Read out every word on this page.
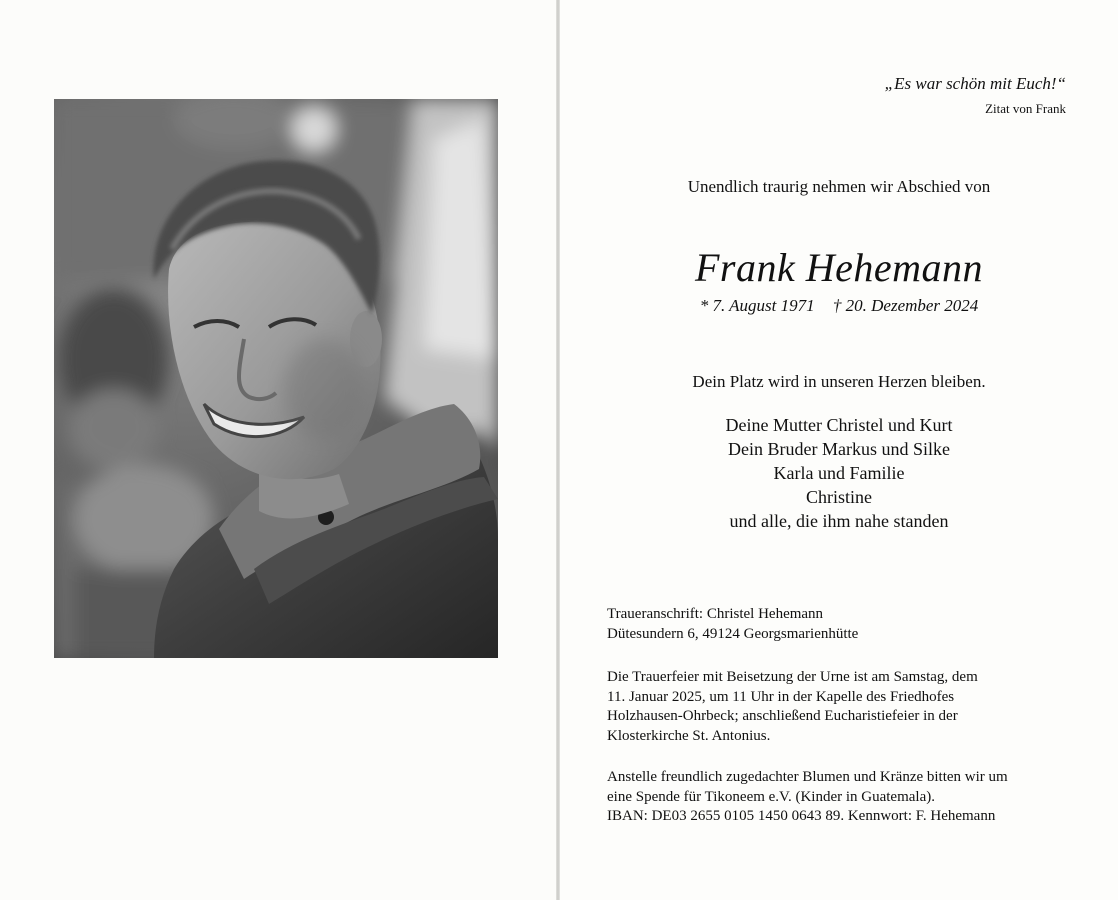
„Es war schön mit Euch!“
Zitat von Frank
Unendlich traurig nehmen wir Abschied von
Frank Hehemann
* 7. August 1971 † 20. Dezember 2024
Dein Platz wird in unseren Herzen bleiben.
Deine Mutter Christel und Kurt
Dein Bruder Markus und Silke
Karla und Familie
Christine
und alle, die ihm nahe standen
Traueranschrift: Christel Hehemann
Dütesundern 6, 49124 Georgsmarienhütte
Die Trauerfeier mit Beisetzung der Urne ist am Samstag, dem
11. Januar 2025, um 11 Uhr in der Kapelle des Friedhofes
Holzhausen-Ohrbeck; anschließend Eucharistiefeier in der
Klosterkirche St. Antonius.
Anstelle freundlich zugedachter Blumen und Kränze bitten wir um
eine Spende für Tikoneem e.V. (Kinder in Guatemala).
IBAN: DE03 2655 0105 1450 0643 89. Kennwort: F. Hehemann
